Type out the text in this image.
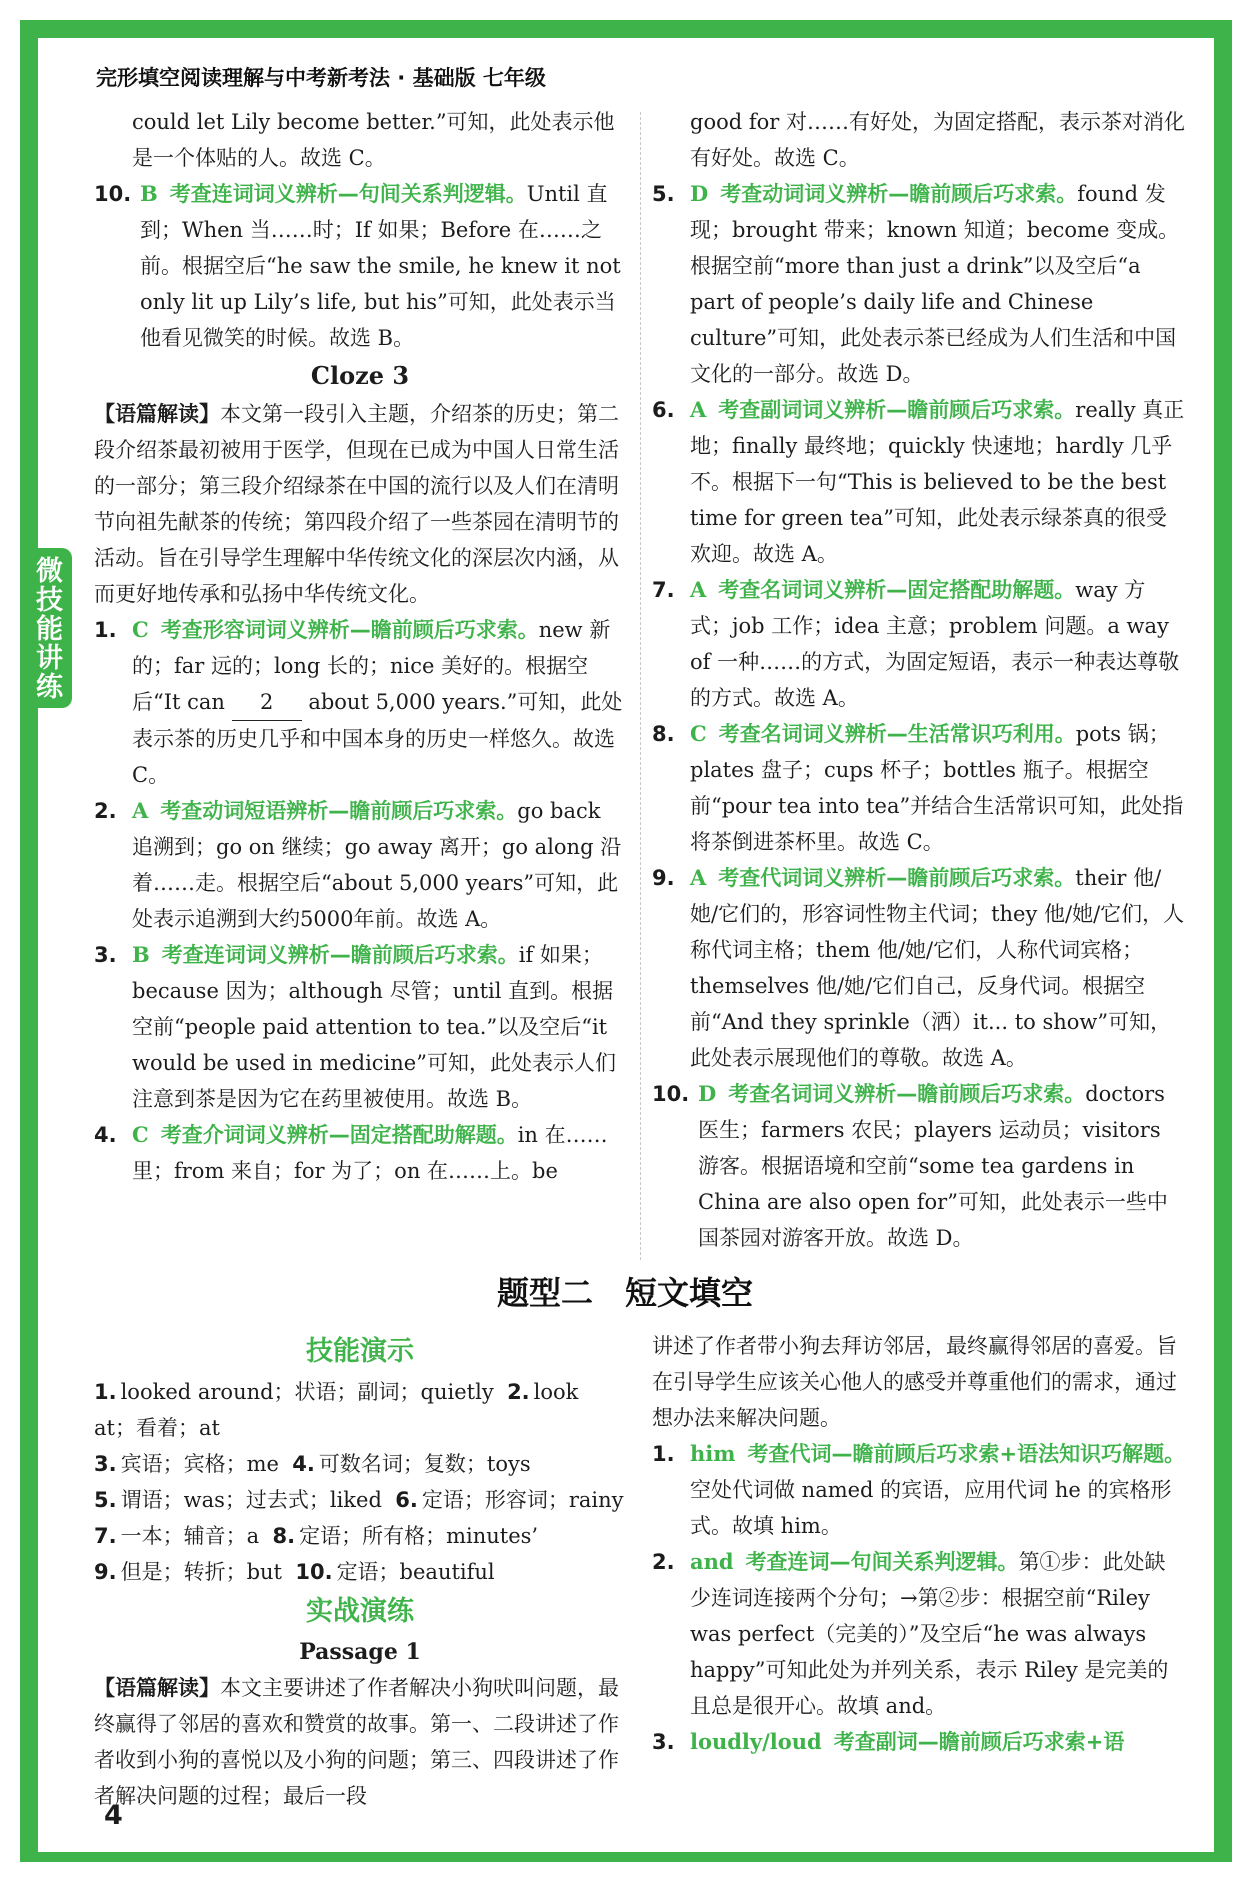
微技能讲练
完形填空阅读理解与中考新考法 · 基础版 七年级
could let Lily become better.”可知，此处表示他是一个体贴的人。故选 C。
10. B 考查连词词义辨析—句间关系判逻辑。Until 直到；When 当……时；If 如果；Before 在……之前。根据空后“he saw the smile, he knew it not only lit up Lily’s life, but his”可知，此处表示当他看见微笑的时候。故选 B。
Cloze 3
【语篇解读】本文第一段引入主题，介绍茶的历史；第二段介绍茶最初被用于医学，但现在已成为中国人日常生活的一部分；第三段介绍绿茶在中国的流行以及人们在清明节向祖先献茶的传统；第四段介绍了一些茶园在清明节的活动。旨在引导学生理解中华传统文化的深层次内涵，从而更好地传承和弘扬中华传统文化。
1. C 考查形容词词义辨析—瞻前顾后巧求索。new 新的；far 远的；long 长的；nice 美好的。根据空后“It can 2 about 5,000 years.”可知，此处表示茶的历史几乎和中国本身的历史一样悠久。故选 C。
2. A 考查动词短语辨析—瞻前顾后巧求索。go back 追溯到；go on 继续；go away 离开；go along 沿着……走。根据空后“about 5,000 years”可知，此处表示追溯到大约5000年前。故选 A。
3. B 考查连词词义辨析—瞻前顾后巧求索。if 如果；because 因为；although 尽管；until 直到。根据空前“people paid attention to tea.”以及空后“it would be used in medicine”可知，此处表示人们注意到茶是因为它在药里被使用。故选 B。
4. C 考查介词词义辨析—固定搭配助解题。in 在……里；from 来自；for 为了；on 在……上。be
good for 对……有好处，为固定搭配，表示茶对消化有好处。故选 C。
5. D 考查动词词义辨析—瞻前顾后巧求索。found 发现；brought 带来；known 知道；become 变成。根据空前“more than just a drink”以及空后“a part of people’s daily life and Chinese culture”可知，此处表示茶已经成为人们生活和中国文化的一部分。故选 D。
6. A 考查副词词义辨析—瞻前顾后巧求索。really 真正地；finally 最终地；quickly 快速地；hardly 几乎不。根据下一句“This is believed to be the best time for green tea”可知，此处表示绿茶真的很受欢迎。故选 A。
7. A 考查名词词义辨析—固定搭配助解题。way 方式；job 工作；idea 主意；problem 问题。a way of 一种……的方式，为固定短语，表示一种表达尊敬的方式。故选 A。
8. C 考查名词词义辨析—生活常识巧利用。pots 锅；plates 盘子；cups 杯子；bottles 瓶子。根据空前“pour tea into tea”并结合生活常识可知，此处指将茶倒进茶杯里。故选 C。
9. A 考查代词词义辨析—瞻前顾后巧求索。their 他/她/它们的，形容词性物主代词；they 他/她/它们，人称代词主格；them 他/她/它们，人称代词宾格；themselves 他/她/它们自己，反身代词。根据空前“And they sprinkle（洒）it... to show”可知，此处表示展现他们的尊敬。故选 A。
10. D 考查名词词义辨析—瞻前顾后巧求索。doctors 医生；farmers 农民；players 运动员；visitors 游客。根据语境和空前“some tea gardens in China are also open for”可知，此处表示一些中国茶园对游客开放。故选 D。
题型二　短文填空
技能演示
1. looked around；状语；副词；quietly 2. look at；看着；at
3. 宾语；宾格；me 4. 可数名词；复数；toys
5. 谓语；was；过去式；liked 6. 定语；形容词；rainy
7. 一本；辅音；a 8. 定语；所有格；minutes’
9. 但是；转折；but 10. 定语；beautiful
实战演练
Passage 1
【语篇解读】本文主要讲述了作者解决小狗吠叫问题，最终赢得了邻居的喜欢和赞赏的故事。第一、二段讲述了作者收到小狗的喜悦以及小狗的问题；第三、四段讲述了作者解决问题的过程；最后一段
讲述了作者带小狗去拜访邻居，最终赢得邻居的喜爱。旨在引导学生应该关心他人的感受并尊重他们的需求，通过想办法来解决问题。
1. him 考查代词—瞻前顾后巧求索+语法知识巧解题。空处代词做 named 的宾语，应用代词 he 的宾格形式。故填 him。
2. and 考查连词—句间关系判逻辑。第①步：此处缺少连词连接两个分句；→第②步：根据空前“Riley was perfect（完美的）”及空后“he was always happy”可知此处为并列关系，表示 Riley 是完美的且总是很开心。故填 and。
3. loudly/loud 考查副词—瞻前顾后巧求索+语
4
